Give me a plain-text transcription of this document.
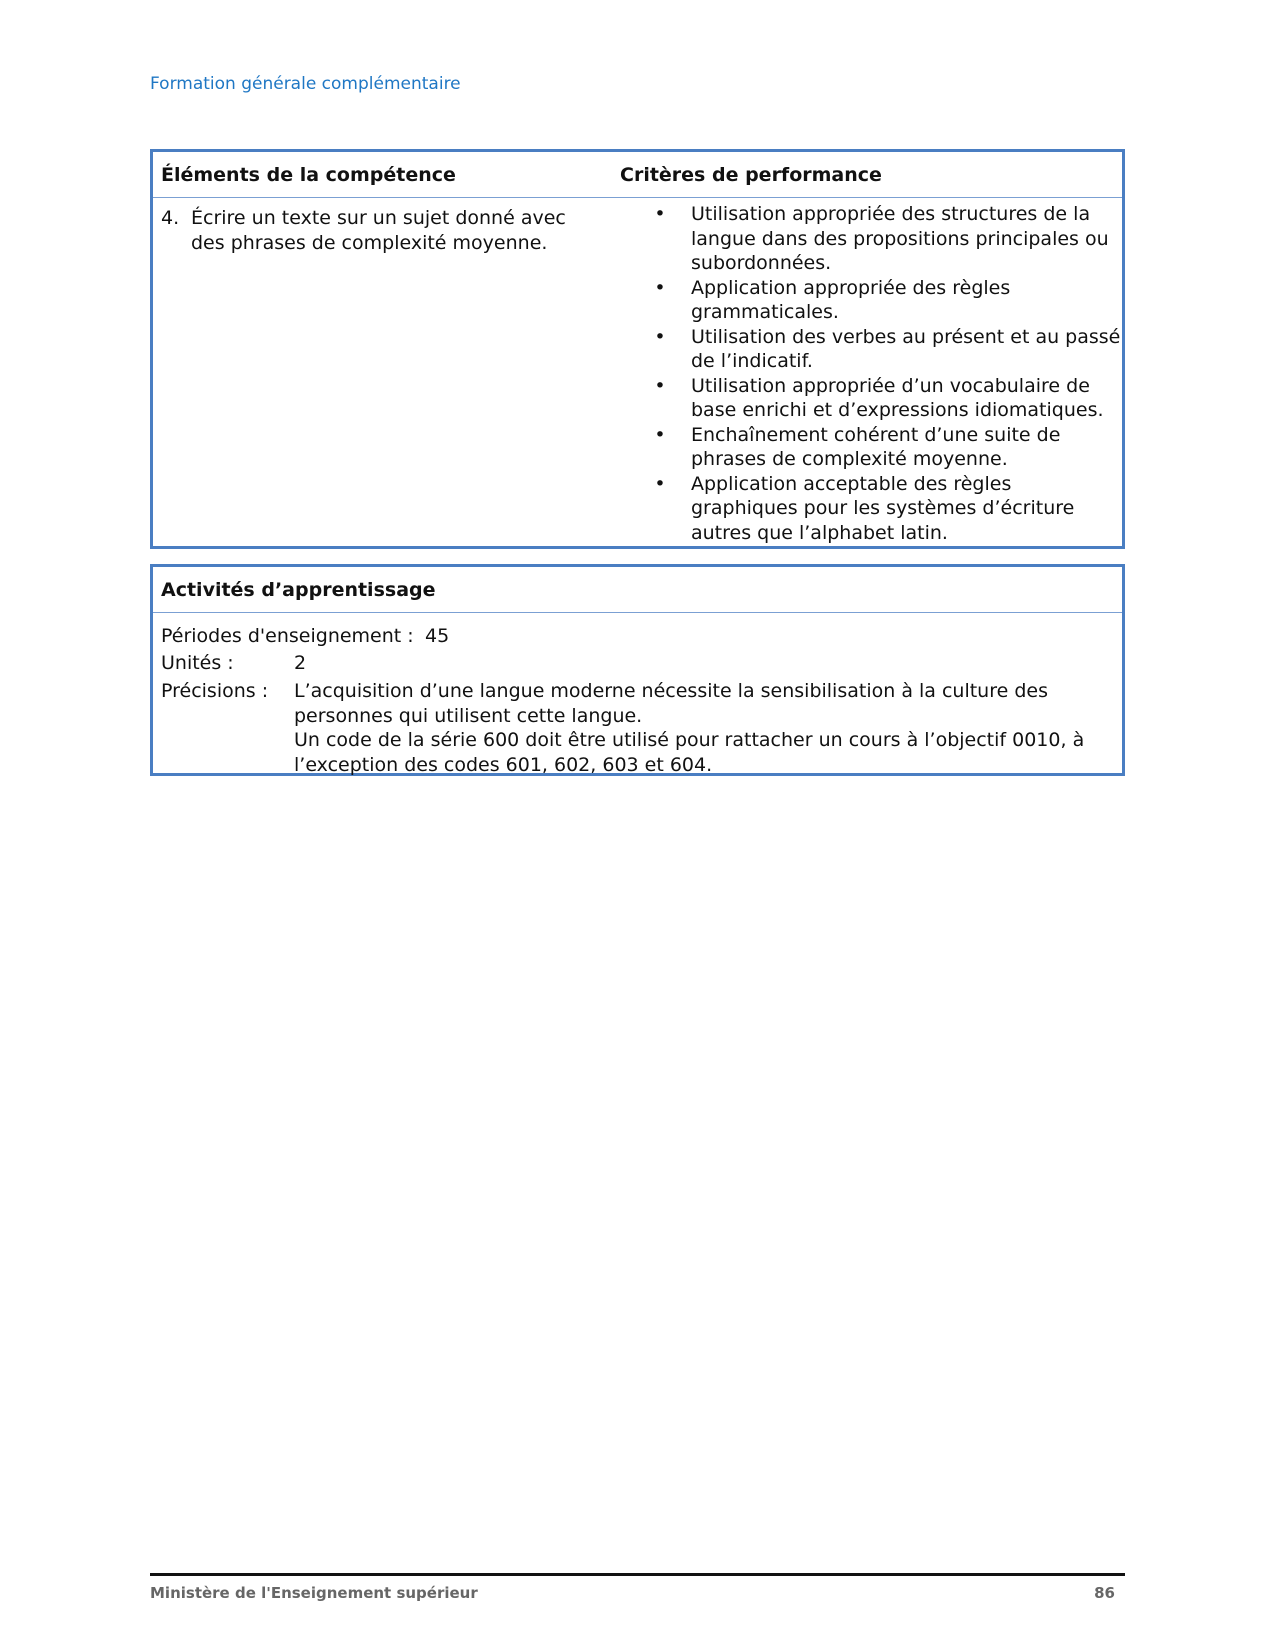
Formation générale complémentaire
Éléments de la compétence	Critères de performance
4. Écrire un texte sur un sujet donné avec des phrases de complexité moyenne.
• Utilisation appropriée des structures de la langue dans des propositions principales ou subordonnées.
• Application appropriée des règles grammaticales.
• Utilisation des verbes au présent et au passé de l’indicatif.
• Utilisation appropriée d’un vocabulaire de base enrichi et d’expressions idiomatiques.
• Enchaînement cohérent d’une suite de phrases de complexité moyenne.
• Application acceptable des règles graphiques pour les systèmes d’écriture autres que l’alphabet latin.
Activités d’apprentissage
Périodes d'enseignement : 45
Unités :	2
Précisions : L’acquisition d’une langue moderne nécessite la sensibilisation à la culture des personnes qui utilisent cette langue.
Un code de la série 600 doit être utilisé pour rattacher un cours à l’objectif 0010, à l’exception des codes 601, 602, 603 et 604.
Ministère de l'Enseignement supérieur	86
